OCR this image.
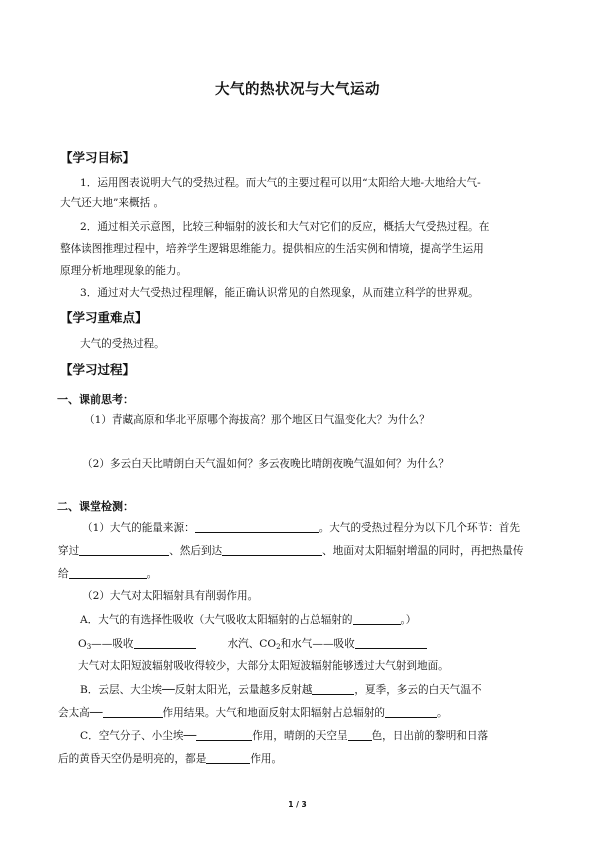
大气的热状况与大气运动
【学习目标】
1．运用图表说明大气的受热过程。而大气的主要过程可以用“太阳给大地-大地给大气-
大气还大地”来概括 。
2．通过相关示意图，比较三种辐射的波长和大气对它们的反应，概括大气受热过程。在
整体读图推理过程中，培养学生逻辑思维能力。提供相应的生活实例和情境，提高学生运用
原理分析地理现象的能力。
3．通过对大气受热过程理解，能正确认识常见的自然现象，从而建立科学的世界观。
【学习重难点】
大气的受热过程。
【学习过程】
一、课前思考：
（1）青藏高原和华北平原哪个海拔高？那个地区日气温变化大？为什么？
（2）多云白天比晴朗白天气温如何？多云夜晚比晴朗夜晚气温如何？为什么？
二、课堂检测：
（1）大气的能量来源：	。大气的受热过程分为以下几个环节：首先
穿过	、然后到达	、地面对太阳辐射增温的同时，再把热量传
给	。
（2）大气对太阳辐射具有削弱作用。
A．大气的有选择性吸收（大气吸收太阳辐射的占总辐射的	。）
$O_3——$吸收	水汽、$CO_2$和水气——吸收
大气对太阳短波辐射吸收得较少，大部分太阳短波辐射能够透过大气射到地面。
B．云层、大尘埃──反射太阳光，云量越多反射越	，夏季，多云的白天气温不
会太高──	作用结果。大气和地面反射太阳辐射占总辐射的	。
C．空气分子、小尘埃──	作用，晴朗的天空呈 色，日出前的黎明和日落
后的黄昏天空仍是明亮的，都是	作用。
1 / 3
